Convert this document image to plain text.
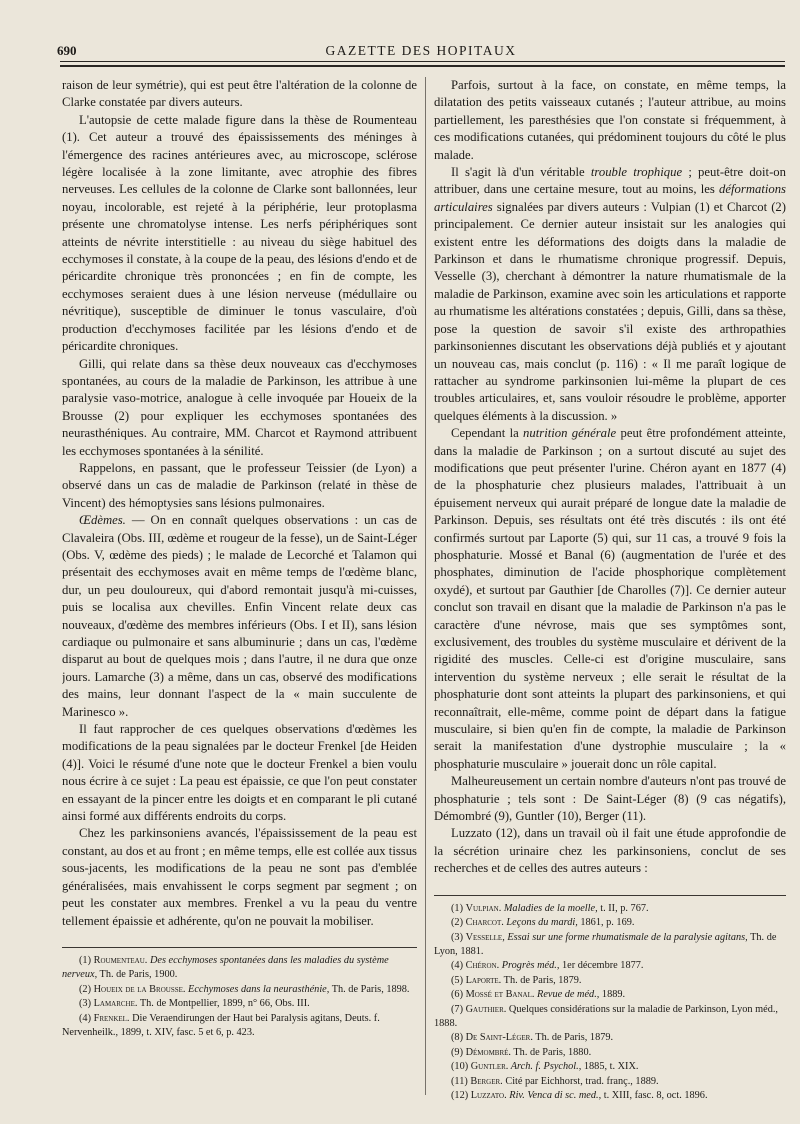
690	GAZETTE DES HOPITAUX

raison de leur symétrie), qui est peut être l'altération de la colonne de Clarke constatée par divers auteurs.

L'autopsie de cette malade figure dans la thèse de Roumenteau (1). Cet auteur a trouvé des épaississements des méninges à l'émergence des racines antérieures avec, au microscope, sclérose légère localisée à la zone limitante, avec atrophie des fibres nerveuses. Les cellules de la colonne de Clarke sont ballonnées, leur noyau, incolorable, est rejeté à la périphérie, leur protoplasma présente une chromatolyse intense. Les nerfs périphériques sont atteints de névrite interstitielle : au niveau du siège habituel des ecchymoses il constate, à la coupe de la peau, des lésions d'endo et de péricardite chronique très prononcées ; en fin de compte, les ecchymoses seraient dues à une lésion nerveuse (médullaire ou névritique), susceptible de diminuer le tonus vasculaire, d'où production d'ecchymoses facilitée par les lésions d'endo et de péricardite chroniques.

Gilli, qui relate dans sa thèse deux nouveaux cas d'ecchymoses spontanées, au cours de la maladie de Parkinson, les attribue à une paralysie vaso-motrice, analogue à celle invoquée par Houeix de la Brousse (2) pour expliquer les ecchymoses spontanées des neurasthéniques. Au contraire, MM. Charcot et Raymond attribuent les ecchymoses spontanées à la sénilité.

Rappelons, en passant, que le professeur Teissier (de Lyon) a observé dans un cas de maladie de Parkinson (relaté in thèse de Vincent) des hémoptysies sans lésions pulmonaires.

Œdèmes. — On en connaît quelques observations : un cas de Clavaleira (Obs. III, œdème et rougeur de la fesse), un de Saint-Léger (Obs. V, œdème des pieds) ; le malade de Lecorché et Talamon qui présentait des ecchymoses avait en même temps de l'œdème blanc, dur, un peu douloureux, qui d'abord remontait jusqu'à mi-cuisses, puis se localisa aux chevilles. Enfin Vincent relate deux cas nouveaux, d'œdème des membres inférieurs (Obs. I et II), sans lésion cardiaque ou pulmonaire et sans albuminurie ; dans un cas, l'œdème disparut au bout de quelques mois ; dans l'autre, il ne dura que onze jours. Lamarche (3) a même, dans un cas, observé des modifications des mains, leur donnant l'aspect de la « main succulente de Marinesco ».

Il faut rapprocher de ces quelques observations d'œdèmes les modifications de la peau signalées par le docteur Frenkel [de Heiden (4)]. Voici le résumé d'une note que le docteur Frenkel a bien voulu nous écrire à ce sujet : La peau est épaissie, ce que l'on peut constater en essayant de la pincer entre les doigts et en comparant le pli cutané ainsi formé aux différents endroits du corps.

Chez les parkinsoniens avancés, l'épaississement de la peau est constant, au dos et au front ; en même temps, elle est collée aux tissus sous-jacents, les modifications de la peau ne sont pas d'emblée généralisées, mais envahissent le corps segment par segment ; on peut les constater aux membres. Frenkel a vu la peau du ventre tellement épaissie et adhérente, qu'on ne pouvait la mobiliser.

(1) Roumenteau. Des ecchymoses spontanées dans les maladies du système nerveux, Th. de Paris, 1900.

(2) Houeix de la Brousse. Ecchymoses dans la neurasthénie, Th. de Paris, 1898.

(3) Lamarche. Th. de Montpellier, 1899, n° 66, Obs. III.

(4) Frenkel. Die Veraendirungen der Haut bei Paralysis agitans, Deuts. f. Nervenheilk., 1899, t. XIV, fasc. 5 et 6, p. 423.

Parfois, surtout à la face, on constate, en même temps, la dilatation des petits vaisseaux cutanés ; l'auteur attribue, au moins partiellement, les paresthésies que l'on constate si fréquemment, à ces modifications cutanées, qui prédominent toujours du côté le plus malade.

Il s'agit là d'un véritable trouble trophique ; peut-être doit-on attribuer, dans une certaine mesure, tout au moins, les déformations articulaires signalées par divers auteurs : Vulpian (1) et Charcot (2) principalement. Ce dernier auteur insistait sur les analogies qui existent entre les déformations des doigts dans la maladie de Parkinson et dans le rhumatisme chronique progressif. Depuis, Vesselle (3), cherchant à démontrer la nature rhumatismale de la maladie de Parkinson, examine avec soin les articulations et rapporte au rhumatisme les altérations constatées ; depuis, Gilli, dans sa thèse, pose la question de savoir s'il existe des arthropathies parkinsoniennes discutant les observations déjà publiés et y ajoutant un nouveau cas, mais conclut (p. 116) : « Il me paraît logique de rattacher au syndrome parkinsonien lui-même la plupart de ces troubles articulaires, et, sans vouloir résoudre le problème, apporter quelques éléments à la discussion. »

Cependant la nutrition générale peut être profondément atteinte, dans la maladie de Parkinson ; on a surtout discuté au sujet des modifications que peut présenter l'urine. Chéron ayant en 1877 (4) de la phosphaturie chez plusieurs malades, l'attribuait à un épuisement nerveux qui aurait préparé de longue date la maladie de Parkinson. Depuis, ses résultats ont été très discutés : ils ont été confirmés surtout par Laporte (5) qui, sur 11 cas, a trouvé 9 fois la phosphaturie. Mossé et Banal (6) (augmentation de l'urée et des phosphates, diminution de l'acide phosphorique complètement oxydé), et surtout par Gauthier [de Charolles (7)]. Ce dernier auteur conclut son travail en disant que la maladie de Parkinson n'a pas le caractère d'une névrose, mais que ses symptômes sont, exclusivement, des troubles du système musculaire et dérivent de la rigidité des muscles. Celle-ci est d'origine musculaire, sans intervention du système nerveux ; elle serait le résultat de la phosphaturie dont sont atteints la plupart des parkinsoniens, et qui reconnaîtrait, elle-même, comme point de départ dans la fatigue musculaire, si bien qu'en fin de compte, la maladie de Parkinson serait la manifestation d'une dystrophie musculaire ; la « phosphaturie musculaire » jouerait donc un rôle capital.

Malheureusement un certain nombre d'auteurs n'ont pas trouvé de phosphaturie ; tels sont : De Saint-Léger (8) (9 cas négatifs), Démombré (9), Guntler (10), Berger (11).

Luzzato (12), dans un travail où il fait une étude approfondie de la sécrétion urinaire chez les parkinsoniens, conclut de ses recherches et de celles des autres auteurs :

(1) Vulpian. Maladies de la moelle, t. II, p. 767.

(2) Charcot. Leçons du mardi, 1861, p. 169.

(3) Vesselle, Essai sur une forme rhumatismale de la paralysie agitans, Th. de Lyon, 1881.

(4) Chéron. Progrès méd., 1er décembre 1877.

(5) Laporte. Th. de Paris, 1879.

(6) Mossé et Banal. Revue de méd., 1889.

(7) Gauthier. Quelques considérations sur la maladie de Parkinson, Lyon méd., 1888.

(8) De Saint-Léger. Th. de Paris, 1879.

(9) Démombré. Th. de Paris, 1880.

(10) Guntler. Arch. f. Psychol., 1885, t. XIX.

(11) Berger. Cité par Eichhorst, trad. franç., 1889.

(12) Luzzato. Riv. Venca di sc. med., t. XIII, fasc. 8, oct. 1896.
